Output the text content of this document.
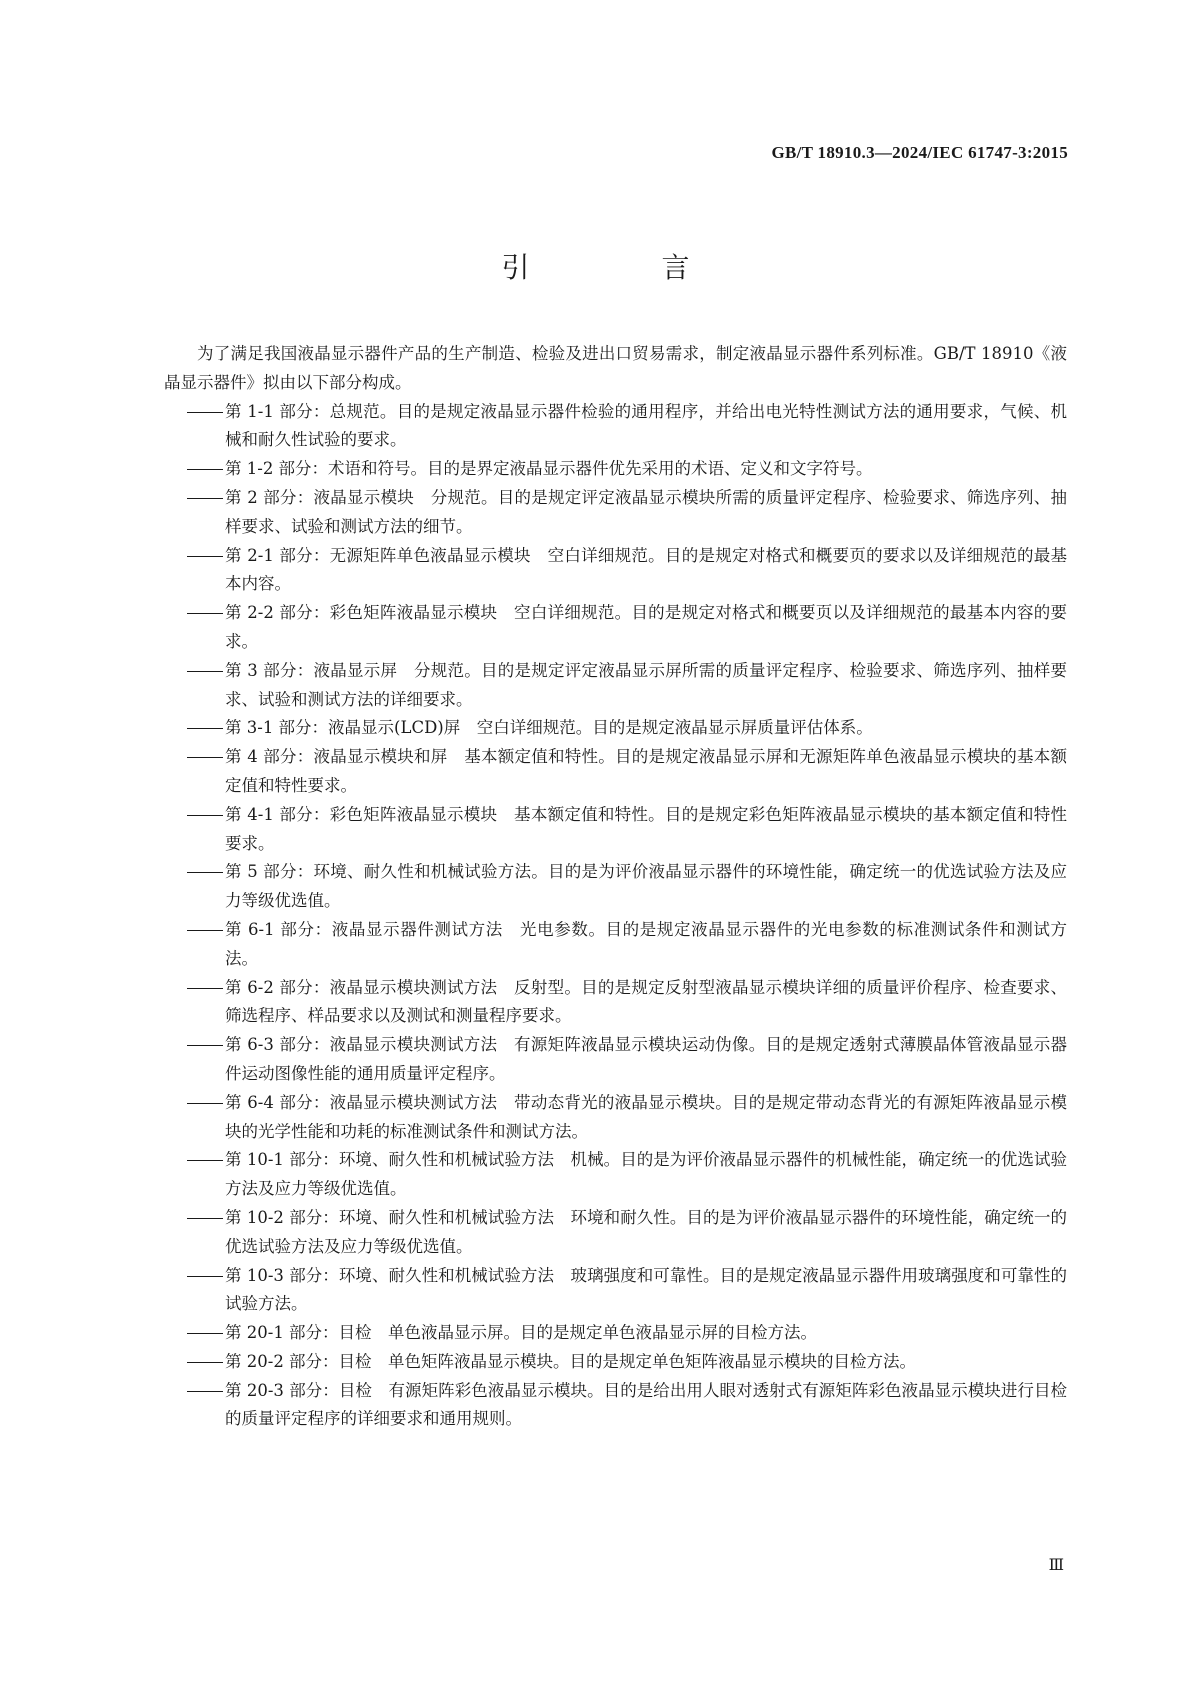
GB/T 18910.3—2024/IEC 61747-3:2015
引　言

为了满足我国液晶显示器件产品的生产制造、检验及进出口贸易需求，制定液晶显示器件系列标准。GB/T 18910《液晶显示器件》拟由以下部分构成。

第 1-1 部分：总规范。目的是规定液晶显示器件检验的通用程序，并给出电光特性测试方法的通用要求，气候、机械和耐久性试验的要求。
第 1-2 部分：术语和符号。目的是界定液晶显示器件优先采用的术语、定义和文字符号。
第 2 部分：液晶显示模块　分规范。目的是规定评定液晶显示模块所需的质量评定程序、检验要求、筛选序列、抽样要求、试验和测试方法的细节。
第 2-1 部分：无源矩阵单色液晶显示模块　空白详细规范。目的是规定对格式和概要页的要求以及详细规范的最基本内容。
第 2-2 部分：彩色矩阵液晶显示模块　空白详细规范。目的是规定对格式和概要页以及详细规范的最基本内容的要求。
第 3 部分：液晶显示屏　分规范。目的是规定评定液晶显示屏所需的质量评定程序、检验要求、筛选序列、抽样要求、试验和测试方法的详细要求。
第 3-1 部分：液晶显示(LCD)屏　空白详细规范。目的是规定液晶显示屏质量评估体系。
第 4 部分：液晶显示模块和屏　基本额定值和特性。目的是规定液晶显示屏和无源矩阵单色液晶显示模块的基本额定值和特性要求。
第 4-1 部分：彩色矩阵液晶显示模块　基本额定值和特性。目的是规定彩色矩阵液晶显示模块的基本额定值和特性要求。
第 5 部分：环境、耐久性和机械试验方法。目的是为评价液晶显示器件的环境性能，确定统一的优选试验方法及应力等级优选值。
第 6-1 部分：液晶显示器件测试方法　光电参数。目的是规定液晶显示器件的光电参数的标准测试条件和测试方法。
第 6-2 部分：液晶显示模块测试方法　反射型。目的是规定反射型液晶显示模块详细的质量评价程序、检查要求、筛选程序、样品要求以及测试和测量程序要求。
第 6-3 部分：液晶显示模块测试方法　有源矩阵液晶显示模块运动伪像。目的是规定透射式薄膜晶体管液晶显示器件运动图像性能的通用质量评定程序。
第 6-4 部分：液晶显示模块测试方法　带动态背光的液晶显示模块。目的是规定带动态背光的有源矩阵液晶显示模块的光学性能和功耗的标准测试条件和测试方法。
第 10-1 部分：环境、耐久性和机械试验方法　机械。目的是为评价液晶显示器件的机械性能，确定统一的优选试验方法及应力等级优选值。
第 10-2 部分：环境、耐久性和机械试验方法　环境和耐久性。目的是为评价液晶显示器件的环境性能，确定统一的优选试验方法及应力等级优选值。
第 10-3 部分：环境、耐久性和机械试验方法　玻璃强度和可靠性。目的是规定液晶显示器件用玻璃强度和可靠性的试验方法。
第 20-1 部分：目检　单色液晶显示屏。目的是规定单色液晶显示屏的目检方法。
第 20-2 部分：目检　单色矩阵液晶显示模块。目的是规定单色矩阵液晶显示模块的目检方法。
第 20-3 部分：目检　有源矩阵彩色液晶显示模块。目的是给出用人眼对透射式有源矩阵彩色液晶显示模块进行目检的质量评定程序的详细要求和通用规则。
Ⅲ
